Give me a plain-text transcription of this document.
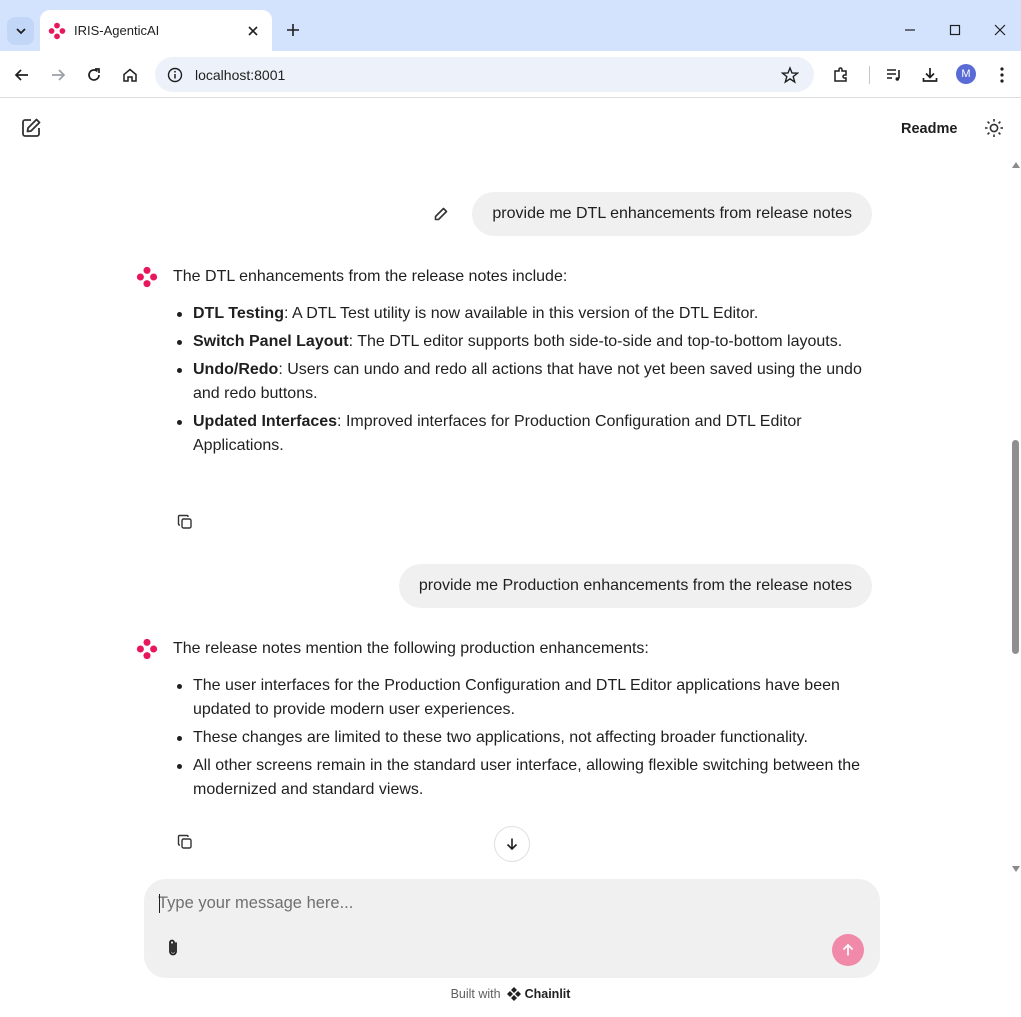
IRIS-AgenticAI
localhost:8001	M
Readme
provide me DTL enhancements from release notes

The DTL enhancements from the release notes include:

DTL Testing: A DTL Test utility is now available in this version of the DTL Editor.
Switch Panel Layout: The DTL editor supports both side-to-side and top-to-bottom layouts.
Undo/Redo: Users can undo and redo all actions that have not yet been saved using the undo and redo buttons.
Updated Interfaces: Improved interfaces for Production Configuration and DTL Editor Applications.
provide me Production enhancements from the release notes

The release notes mention the following production enhancements:

The user interfaces for the Production Configuration and DTL Editor applications have been updated to provide modern user experiences.
These changes are limited to these two applications, not affecting broader functionality.
All other screens remain in the standard user interface, allowing flexible switching between the modernized and standard views.
Type your message here...
Built with Chainlit
